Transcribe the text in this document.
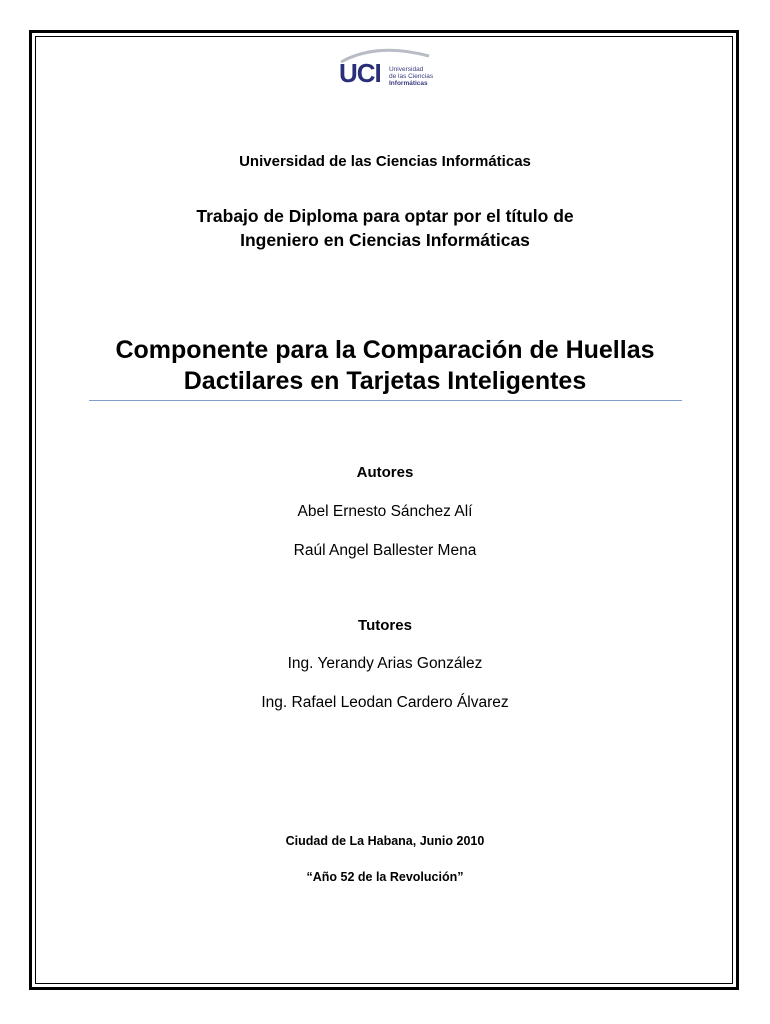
UCI Universidad
de las Ciencias
Informáticas
Universidad de las Ciencias Informáticas
Trabajo de Diploma para optar por el título de
Ingeniero en Ciencias Informáticas
Componente para la Comparación de Huellas
Dactilares en Tarjetas Inteligentes
Autores
Abel Ernesto Sánchez Alí
Raúl Angel Ballester Mena
Tutores
Ing. Yerandy Arias González
Ing. Rafael Leodan Cardero Álvarez
Ciudad de La Habana, Junio 2010
“Año 52 de la Revolución”
